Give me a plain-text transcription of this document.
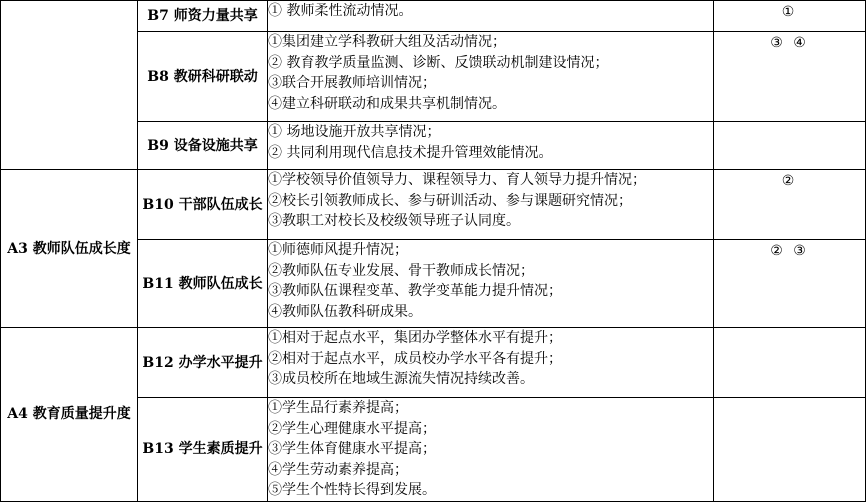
	B7 师资力量共享	① 教师柔性流动情况。	①

	B8 教研科研联动	①集团建立学科教研大组及活动情况；
② 教育教学质量监测、诊断、反馈联动机制建设情况；
③联合开展教师培训情况；
④建立科研联动和成果共享机制情况。	③ ④

	B9 设备设施共享	① 场地设施开放共享情况；
② 共同利用现代信息技术提升管理效能情况。	

A3 教师队伍成长度	B10 干部队伍成长	①学校领导价值领导力、课程领导力、育人领导力提升情况；
②校长引领教师成长、参与研训活动、参与课题研究情况；
③教职工对校长及校级领导班子认同度。	②

	B11 教师队伍成长	①师德师风提升情况；
②教师队伍专业发展、骨干教师成长情况；
③教师队伍课程变革、教学变革能力提升情况；
④教师队伍教科研成果。	② ③

A4 教育质量提升度	B12 办学水平提升	①相对于起点水平，集团办学整体水平有提升；
②相对于起点水平，成员校办学水平各有提升；
③成员校所在地域生源流失情况持续改善。	

	B13 学生素质提升	①学生品行素养提高；
②学生心理健康水平提高；
③学生体育健康水平提高；
④学生劳动素养提高；
⑤学生个性特长得到发展。	
